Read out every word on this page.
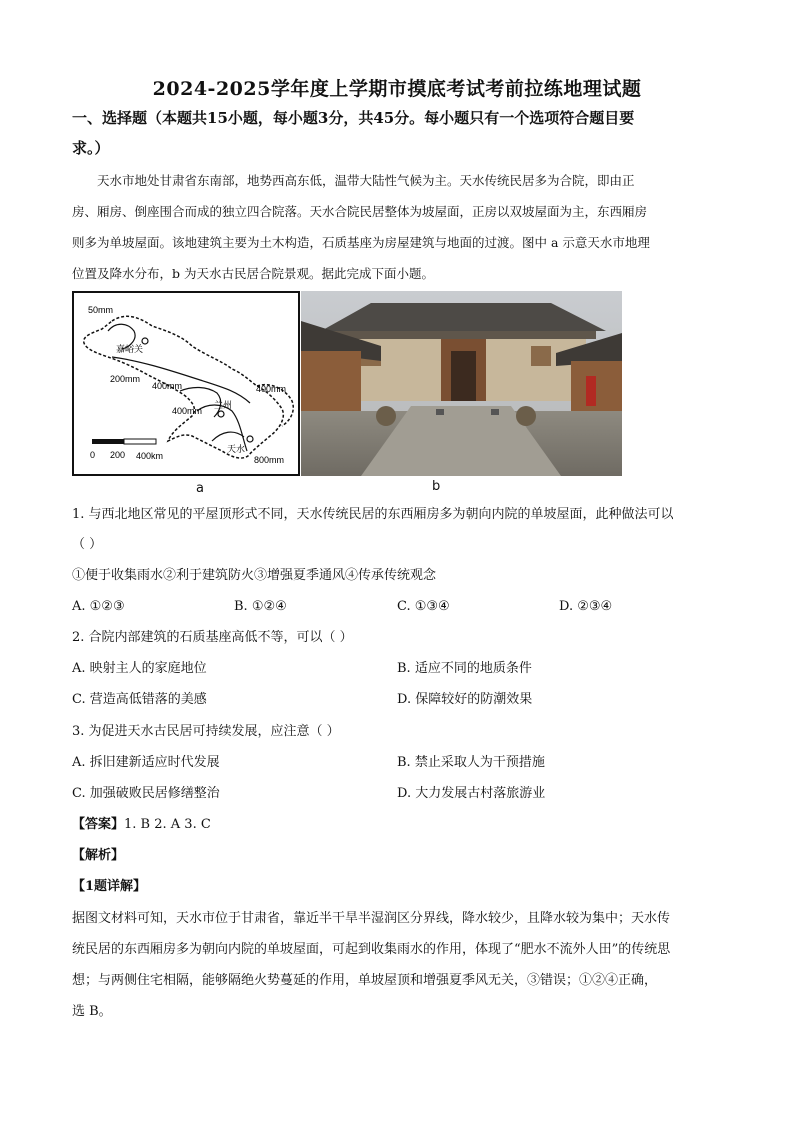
2024-2025学年度上学期市摸底考试考前拉练地理试题
一、选择题（本题共15小题，每小题3分，共45分。每小题只有一个选项符合题目要
求。）
天水市地处甘肃省东南部，地势西高东低，温带大陆性气候为主。天水传统民居多为合院，即由正
房、厢房、倒座围合而成的独立四合院落。天水合院民居整体为坡屋面，正房以双坡屋面为主，东西厢房
则多为单坡屋面。该地建筑主要为土木构造，石质基座为房屋建筑与地面的过渡。图中 a 示意天水市地理
位置及降水分布，b 为天水古民居合院景观。据此完成下面小题。
50mm
嘉峪关
200mm
400mm	400mm
400mm 兰州
天水
800mm
0 200 400km
a	b
1. 与西北地区常见的平屋顶形式不同，天水传统民居的东西厢房多为朝向内院的单坡屋面，此种做法可以
（ ）
①便于收集雨水②利于建筑防火③增强夏季通风④传承传统观念
A. ①②③	B. ①②④	C. ①③④	D. ②③④
2. 合院内部建筑的石质基座高低不等，可以（ ）
A. 映射主人的家庭地位	B. 适应不同的地质条件
C. 营造高低错落的美感	D. 保障较好的防潮效果
3. 为促进天水古民居可持续发展，应注意（ ）
A. 拆旧建新适应时代发展	B. 禁止采取人为干预措施
C. 加强破败民居修缮整治	D. 大力发展古村落旅游业
【答案】1. B 2. A 3. C
【解析】
【1题详解】
据图文材料可知，天水市位于甘肃省，靠近半干旱半湿润区分界线，降水较少，且降水较为集中；天水传
统民居的东西厢房多为朝向内院的单坡屋面，可起到收集雨水的作用，体现了“肥水不流外人田”的传统思
想；与两侧住宅相隔，能够隔绝火势蔓延的作用，单坡屋顶和增强夏季风无关，③错误；①②④正确，
选 B。
